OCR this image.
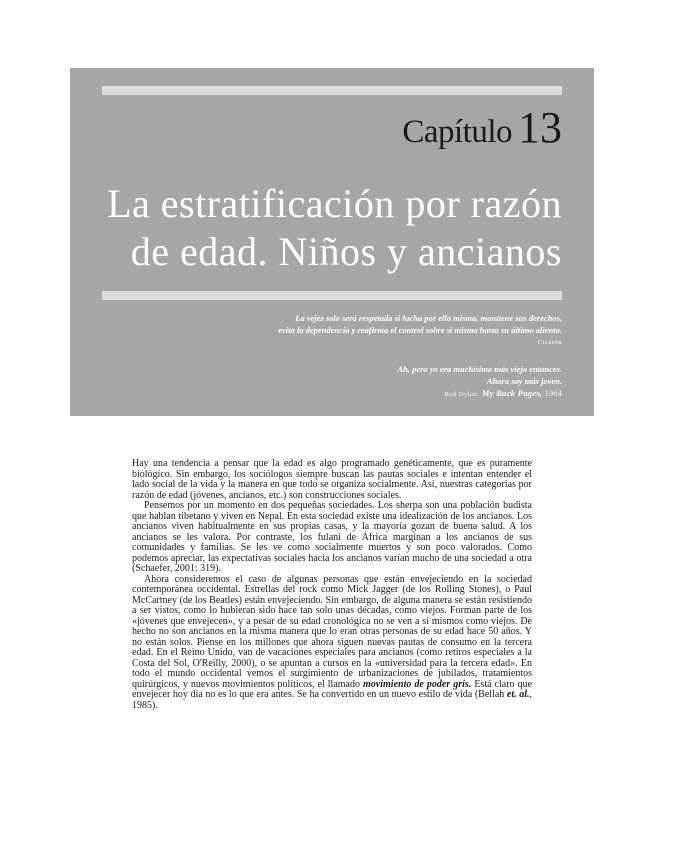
Capítulo 13
La estratificación por razón
de edad. Niños y ancianos
La vejez solo será respetada si lucha por ella misma, mantiene sus derechos,
evita la dependencia y reafirma el control sobre sí misma hasta su último aliento.
Cicerón
Ah, pero yo era muchísimo más viejo entonces.
Ahora soy más joven.
Bod Dylan: My Back Pages, 1964

Hay una tendencia a pensar que la edad es algo programado genéticamente, que es puramente biológico. Sin embargo, los sociólogos siempre buscan las pautas sociales e intentan entender el lado social de la vida y la manera en que todo se organiza socialmente. Así, nuestras categorías por razón de edad (jóvenes, ancianos, etc.) son construcciones sociales.

Pensemos por un momento en dos pequeñas sociedades. Los sherpa son una población budista que hablan tibetano y viven en Nepal. En esta sociedad existe una idealización de los ancianos. Los ancianos viven habitualmente en sus propias casas, y la mayoría gozan de buena salud. A los ancianos se les valora. Por contraste, los fulani de África marginan a los ancianos de sus comunidades y familias. Se les ve como socialmente muertos y son poco valorados. Como podemos apreciar, las expectativas sociales hacia los ancianos varían mucho de una sociedad a otra (Schaefer, 2001: 319).

Ahora consideremos el caso de algunas personas que están envejeciendo en la sociedad contemporánea occidental. Estrellas del rock como Mick Jagger (de los Rolling Stones), o Paul McCartney (de los Beatles) están envejeciendo. Sin embargo, de alguna manera se están resistiendo a ser vistos, como lo hubieran sido hace tan solo unas décadas, como viejos. Forman parte de los «jóvenes que envejecen», y a pesar de su edad cronológica no se ven a sí mismos como viejos. De hecho no son ancianos en la misma manera que lo eran otras personas de su edad hace 50 años. Y no están solos. Piense en los millones que ahora siguen nuevas pautas de consumo en la tercera edad. En el Reino Unido, van de vacaciones especiales para ancianos (como retiros especiales a la Costa del Sol, O'Reilly, 2000), o se apuntan a cursos en la «universidad para la tercera edad». En todo el mundo occidental vemos el surgimiento de urbanizaciones de jubilados, tratamientos quirúrgicos, y nuevos movimientos políticos, el llamado movimiento de poder gris. Está claro que envejecer hoy día no es lo que era antes. Se ha convertido en un nuevo estilo de vida (Bellah et. al., 1985).
